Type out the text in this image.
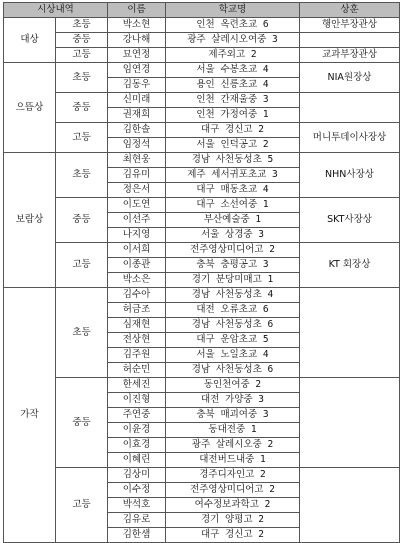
시상내역		이름	학교명	상훈
대상	초등	박소현	인천 옥련초교 6	행안부장관상
	중등	강나해	광주 살레시오여중 3	
	고등	묘연정	제주외고 2	교과부장관상
으뜸상	초등	임연경	서울 수봉초교 4	NIA원장상
		김동우	용인 신릉초교 4	
	중등	신미래	인천 간재울중 3	
		권재희	인천 가정여중 1	
	고등	김한솔	대구 경신고 2	머니투데이사장상
		임정석	서울 인덕공고 2	
보람상	초등	최현웅	경남 사천동성초 5	NHN사장상
		김유미	제주 세서귀포초교 3	
		정은서	대구 매동초교 4	
	중등	이도연	대구 소선여중 1	SKT사장상
		이선주	부산예술중 1	
		나지영	서울 상경중 3	
	고등	이서희	전주영상미디어고 2	KT 회장상
		이종관	충북 충평공고 3	
		박소은	경기 분당미매고 1	
가작	초등	김수아	경남 사천동성초 4	
		허금조	대전 오류초교 6	
		심재현	경남 사천동성초 6	
		전상현	대구 운암초교 5	
		김주원	서울 노일초교 4	
		허순민	경남 사천동성초 6	
	중등	한세진	동인천여중 2	
		이진형	대전 가양중 3	
		주연중	충북 매괴여중 3	
		이윤경	동대전중 1	
		이효경	광주 살레시오중 2	
		이혜린	대전버드내중 1	
	고등	김상미	경주디자인고 2	
		이수정	전주영상미디어고 2	
		박석호	여수정보과학고 2	
		김유로	경기 양평고 2	
		김한샘	대구 경신고 2	
